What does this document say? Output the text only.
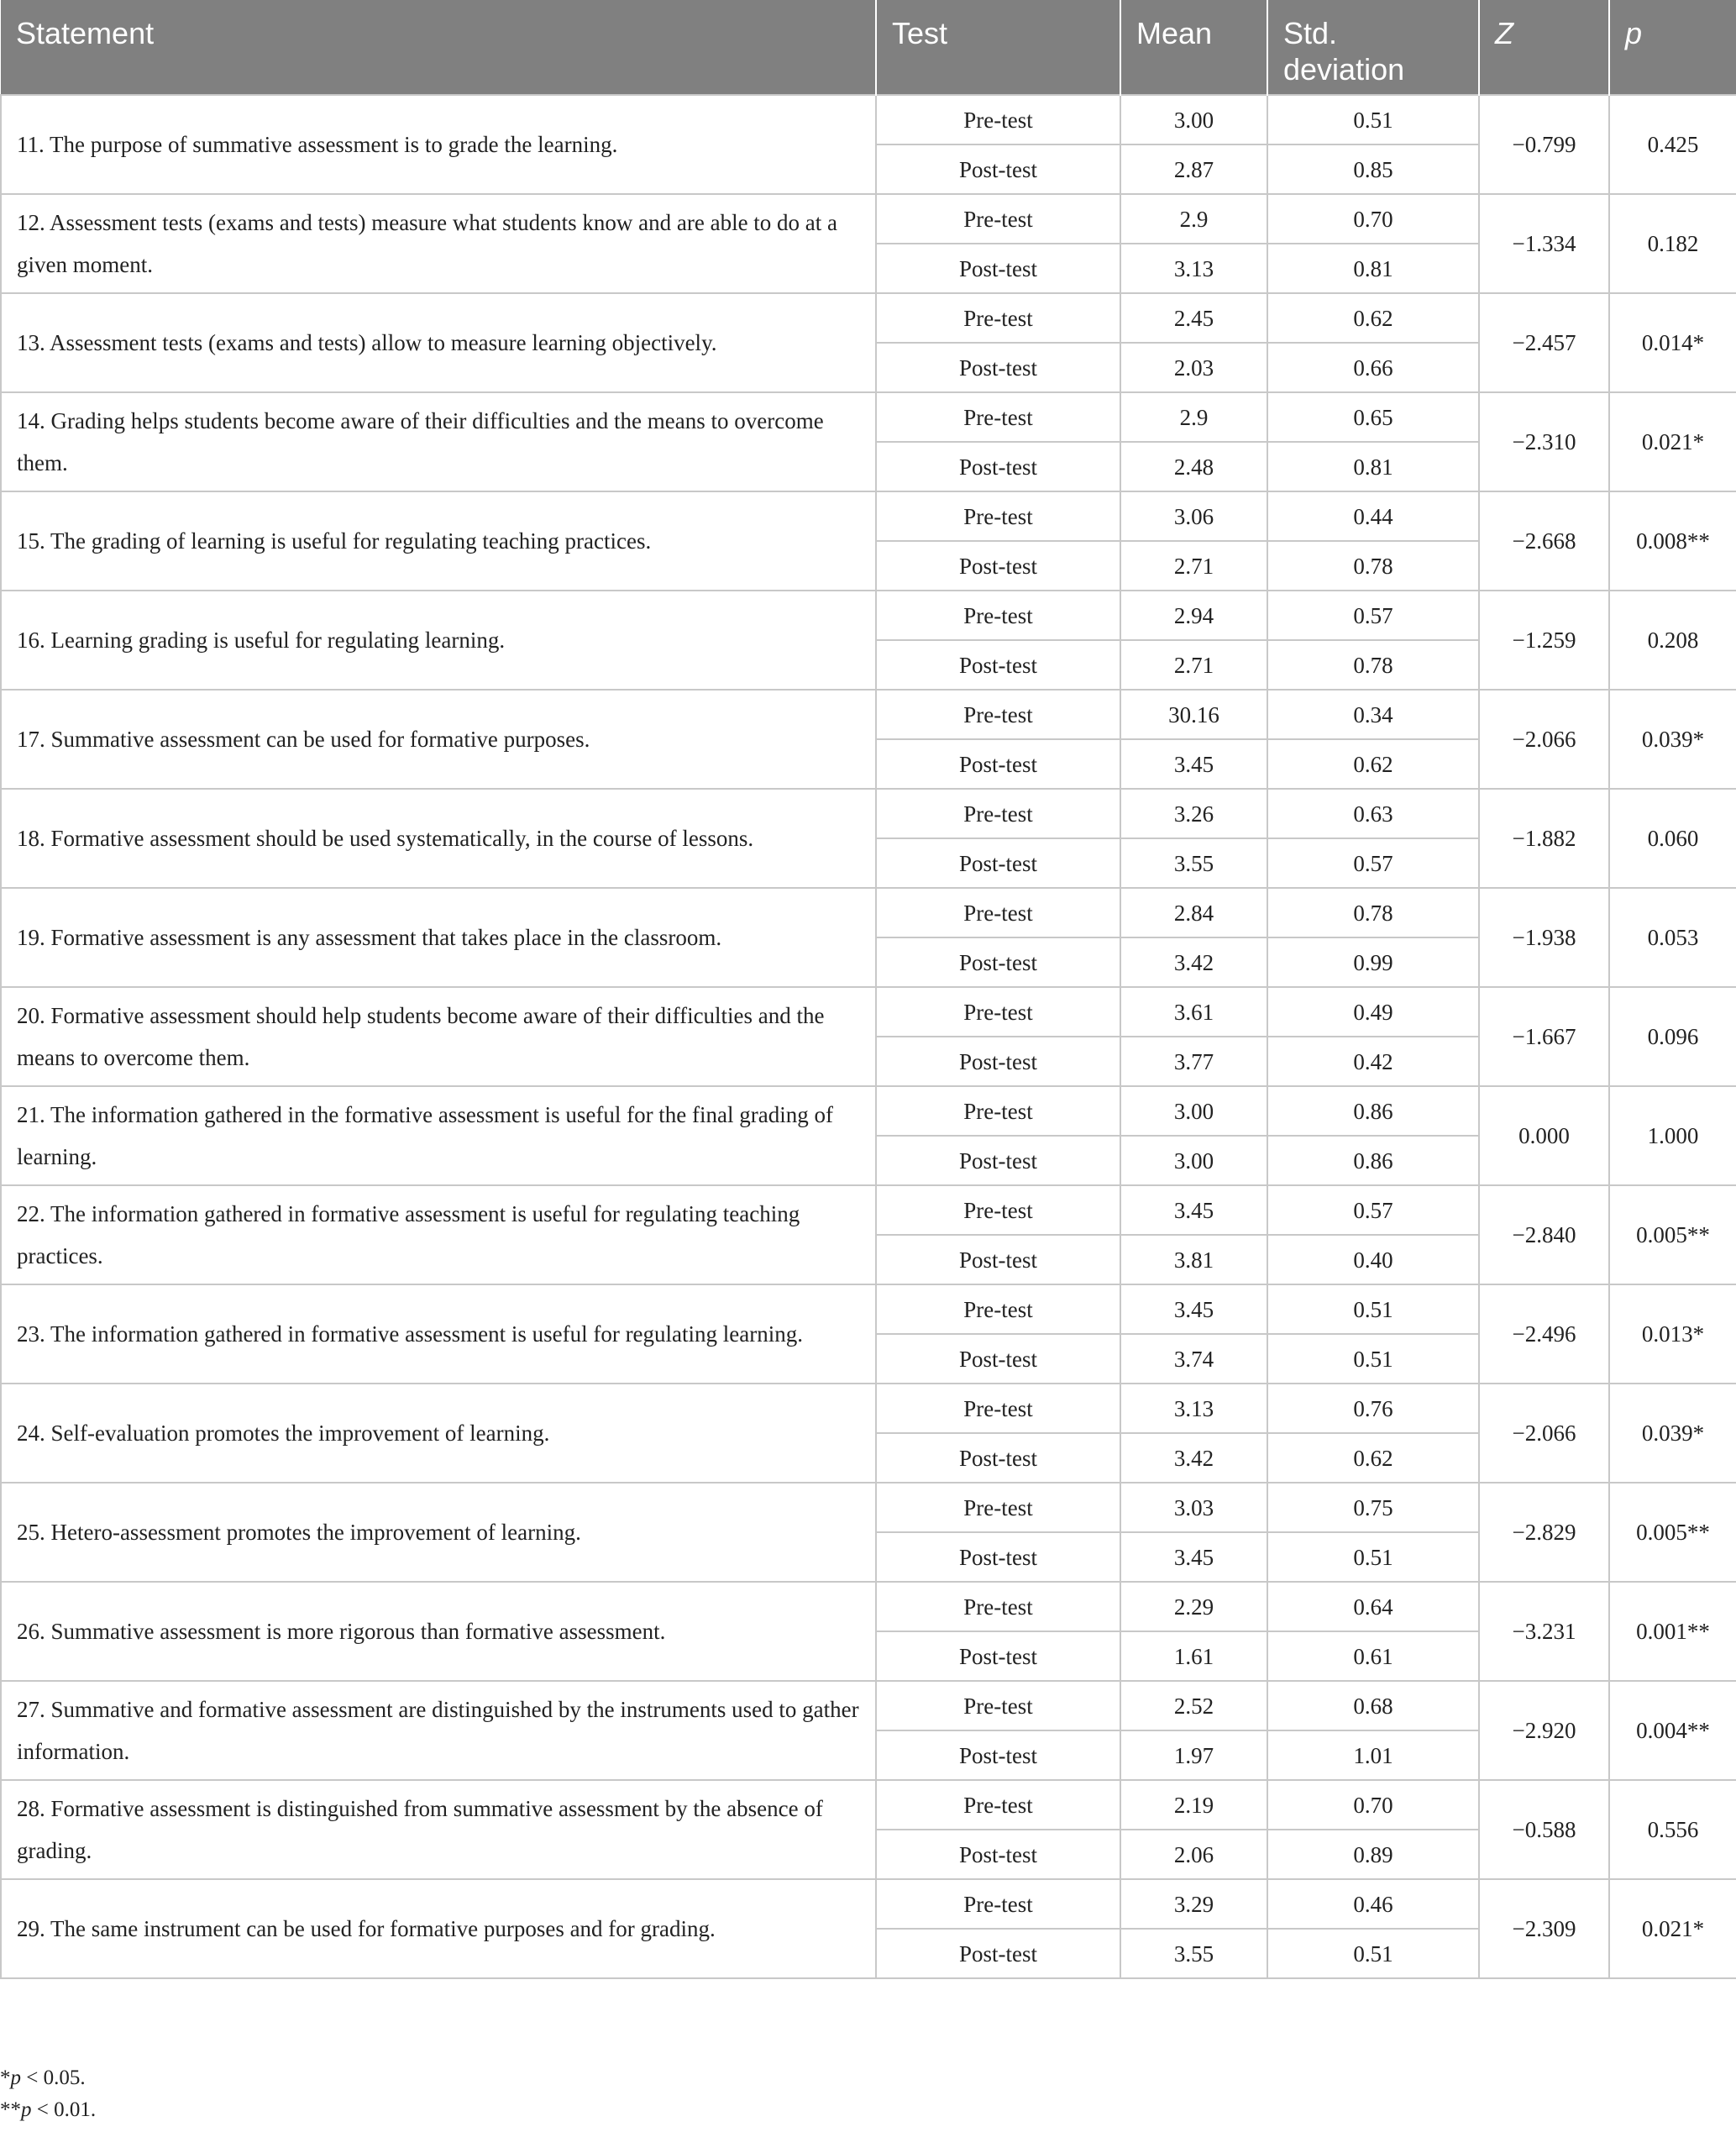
Statement	Test	Mean	Std. deviation	Z	p
11. The purpose of summative assessment is to grade the learning.	Pre-test	3.00	0.51	−0.799	0.425
	Post-test	2.87	0.85		
12. Assessment tests (exams and tests) measure what students know and are able to do at a given moment.	Pre-test	2.9	0.70	−1.334	0.182
	Post-test	3.13	0.81		
13. Assessment tests (exams and tests) allow to measure learning objectively.	Pre-test	2.45	0.62	−2.457	0.014*
	Post-test	2.03	0.66		
14. Grading helps students become aware of their difficulties and the means to overcome them.	Pre-test	2.9	0.65	−2.310	0.021*
	Post-test	2.48	0.81		
15. The grading of learning is useful for regulating teaching practices.	Pre-test	3.06	0.44	−2.668	0.008**
	Post-test	2.71	0.78		
16. Learning grading is useful for regulating learning.	Pre-test	2.94	0.57	−1.259	0.208
	Post-test	2.71	0.78		
17. Summative assessment can be used for formative purposes.	Pre-test	30.16	0.34	−2.066	0.039*
	Post-test	3.45	0.62		
18. Formative assessment should be used systematically, in the course of lessons.	Pre-test	3.26	0.63	−1.882	0.060
	Post-test	3.55	0.57		
19. Formative assessment is any assessment that takes place in the classroom.	Pre-test	2.84	0.78	−1.938	0.053
	Post-test	3.42	0.99		
20. Formative assessment should help students become aware of their difficulties and the means to overcome them.	Pre-test	3.61	0.49	−1.667	0.096
	Post-test	3.77	0.42		
21. The information gathered in the formative assessment is useful for the final grading of learning.	Pre-test	3.00	0.86	0.000	1.000
	Post-test	3.00	0.86		
22. The information gathered in formative assessment is useful for regulating teaching practices.	Pre-test	3.45	0.57	−2.840	0.005**
	Post-test	3.81	0.40		
23. The information gathered in formative assessment is useful for regulating learning.	Pre-test	3.45	0.51	−2.496	0.013*
	Post-test	3.74	0.51		
24. Self-evaluation promotes the improvement of learning.	Pre-test	3.13	0.76	−2.066	0.039*
	Post-test	3.42	0.62		
25. Hetero-assessment promotes the improvement of learning.	Pre-test	3.03	0.75	−2.829	0.005**
	Post-test	3.45	0.51		
26. Summative assessment is more rigorous than formative assessment.	Pre-test	2.29	0.64	−3.231	0.001**
	Post-test	1.61	0.61		
27. Summative and formative assessment are distinguished by the instruments used to gather information.	Pre-test	2.52	0.68	−2.920	0.004**
	Post-test	1.97	1.01		
28. Formative assessment is distinguished from summative assessment by the absence of grading.	Pre-test	2.19	0.70	−0.588	0.556
	Post-test	2.06	0.89		
29. The same instrument can be used for formative purposes and for grading.	Pre-test	3.29	0.46	−2.309	0.021*
	Post-test	3.55	0.51		

*p < 0.05.

**p < 0.01.
